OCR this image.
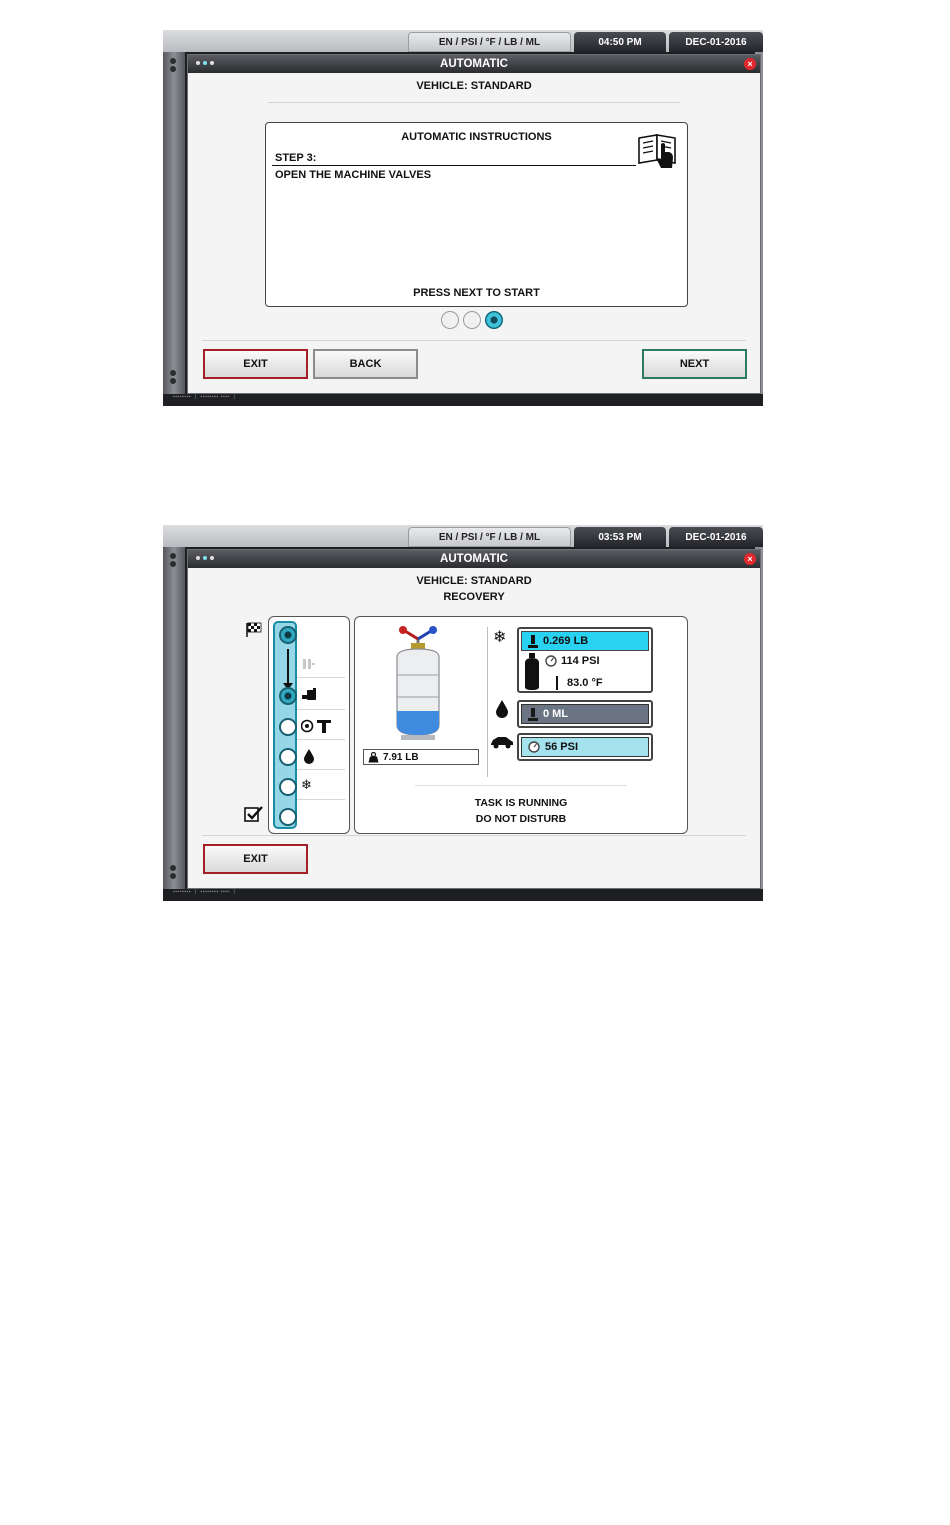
EN / PSI / °F / LB / ML	04:50 PM	DEC-01-2016
AUTOMATIC	×
VEHICLE: STANDARD
AUTOMATIC INSTRUCTIONS
STEP 3:
OPEN THE MACHINE VALVES
PRESS NEXT TO START
EXIT	BACK	NEXT
▪▪▪▪▪▪▪▪  |  ▪▪▪▪▪▪▪▪ ▪▪▪▪  |
EN / PSI / °F / LB / ML	03:53 PM	DEC-01-2016
AUTOMATIC	×
VEHICLE: STANDARD
RECOVERY
❄
7.91 LB
❄	0.269 LB
114 PSI
83.0 °F
0 ML
56 PSI
TASK IS RUNNING
DO NOT DISTURB
EXIT
▪▪▪▪▪▪▪▪  |  ▪▪▪▪▪▪▪▪ ▪▪▪▪  |
